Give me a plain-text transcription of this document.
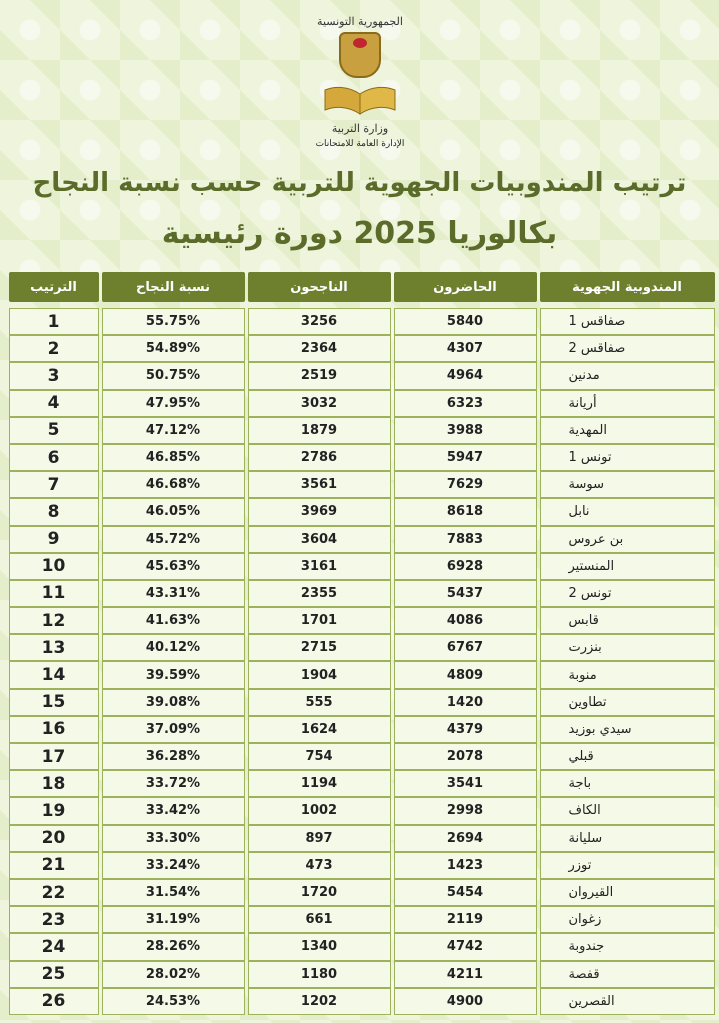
الجمهورية التونسية
وزارة التربية
الإدارة العامة للامتحانات
ترتيب المندوبيات الجهوية للتربية حسب نسبة النجاح
بكالوريا 2025 دورة رئيسية
المندوبية الجهوية
الحاضرون
الناجحون
نسبة النجاح
الترتيب
صفاقس 1
5840
3256
55.75%
1
صفاقس 2
4307
2364
54.89%
2
مدنين
4964
2519
50.75%
3
أريانة
6323
3032
47.95%
4
المهدية
3988
1879
47.12%
5
تونس 1
5947
2786
46.85%
6
سوسة
7629
3561
46.68%
7
نابل
8618
3969
46.05%
8
بن عروس
7883
3604
45.72%
9
المنستير
6928
3161
45.63%
10
تونس 2
5437
2355
43.31%
11
قابس
4086
1701
41.63%
12
بنزرت
6767
2715
40.12%
13
منوبة
4809
1904
39.59%
14
تطاوين
1420
555
39.08%
15
سيدي بوزيد
4379
1624
37.09%
16
قبلي
2078
754
36.28%
17
باجة
3541
1194
33.72%
18
الكاف
2998
1002
33.42%
19
سليانة
2694
897
33.30%
20
توزر
1423
473
33.24%
21
القيروان
5454
1720
31.54%
22
زغوان
2119
661
31.19%
23
جندوبة
4742
1340
28.26%
24
قفصة
4211
1180
28.02%
25
القصرين
4900
1202
24.53%
26
